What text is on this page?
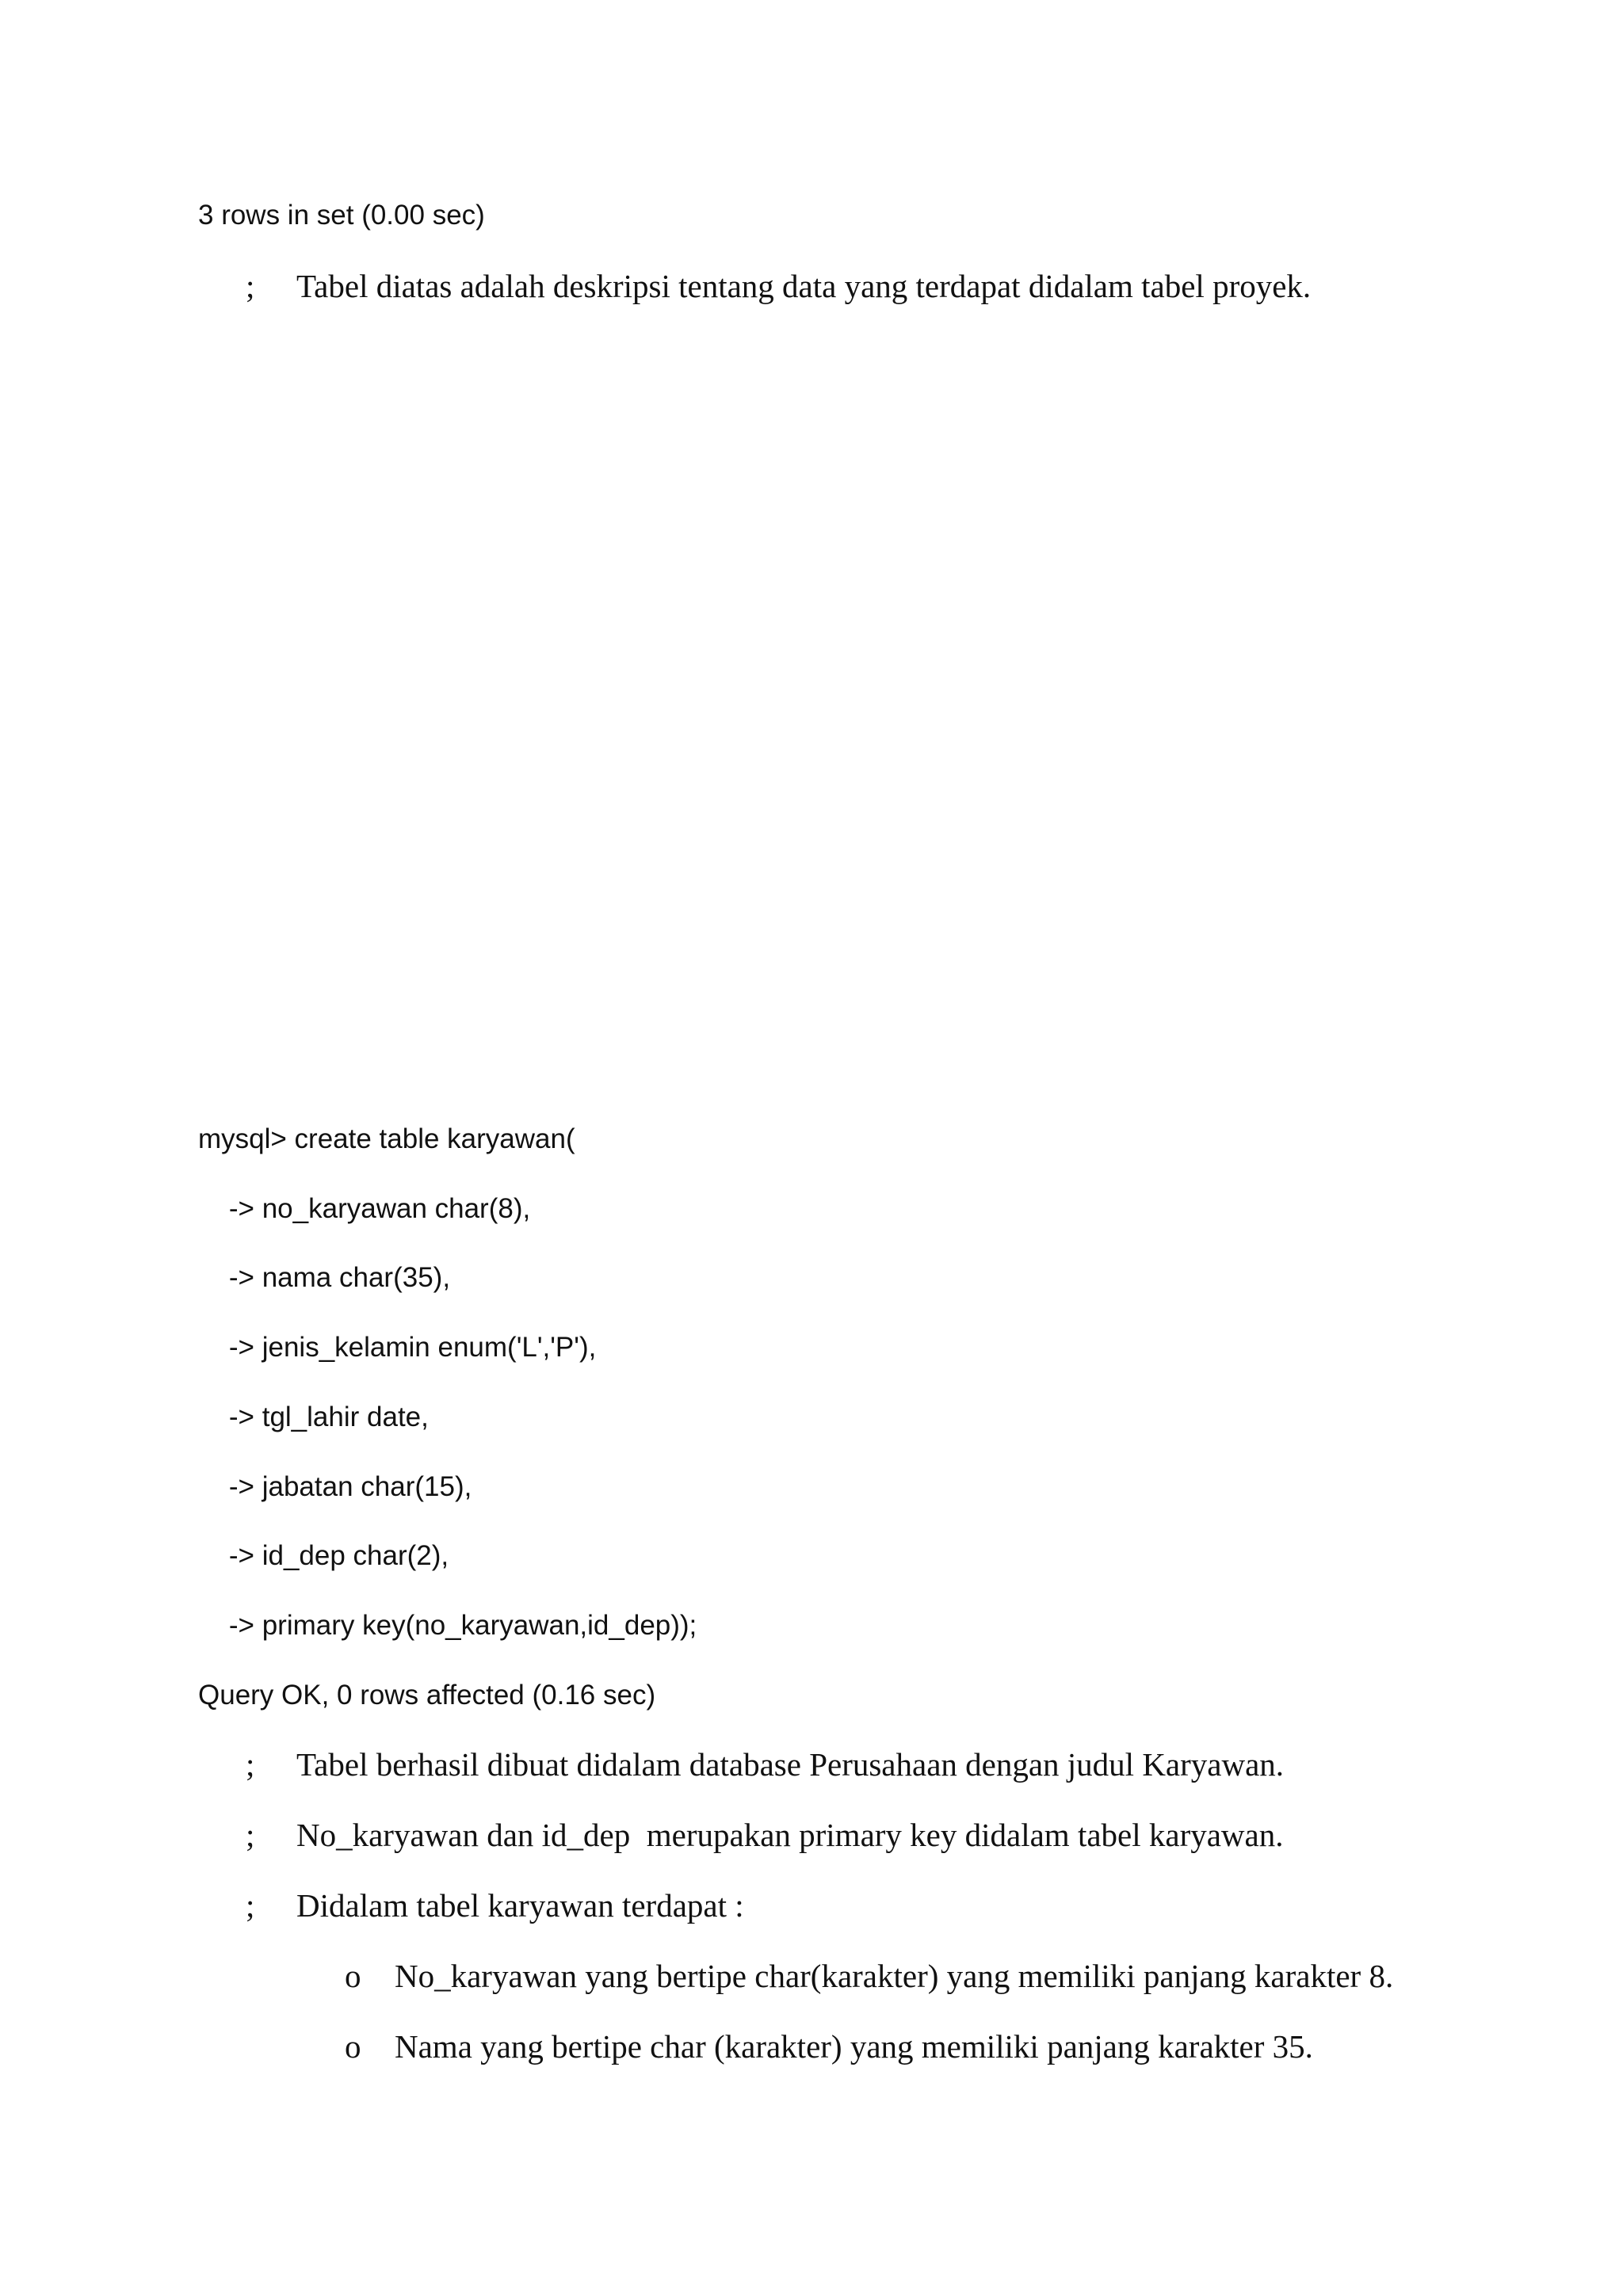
3 rows in set (0.00 sec)

;

Tabel diatas adalah deskripsi tentang data yang terdapat didalam tabel proyek.

mysql> create table karyawan(
-> no_karyawan char(8),
-> nama char(35),
-> jenis_kelamin enum('L','P'),
-> tgl_lahir date,
-> jabatan char(15),
-> id_dep char(2),
-> primary key(no_karyawan,id_dep));
Query OK, 0 rows affected (0.16 sec)

;

Tabel berhasil dibuat didalam database Perusahaan dengan judul Karyawan.

;

No_karyawan dan id_dep  merupakan primary key didalam tabel karyawan.

;

Didalam tabel karyawan terdapat :

o

No_karyawan yang bertipe char(karakter) yang memiliki panjang karakter 8.

o

Nama yang bertipe char (karakter) yang memiliki panjang karakter 35.
